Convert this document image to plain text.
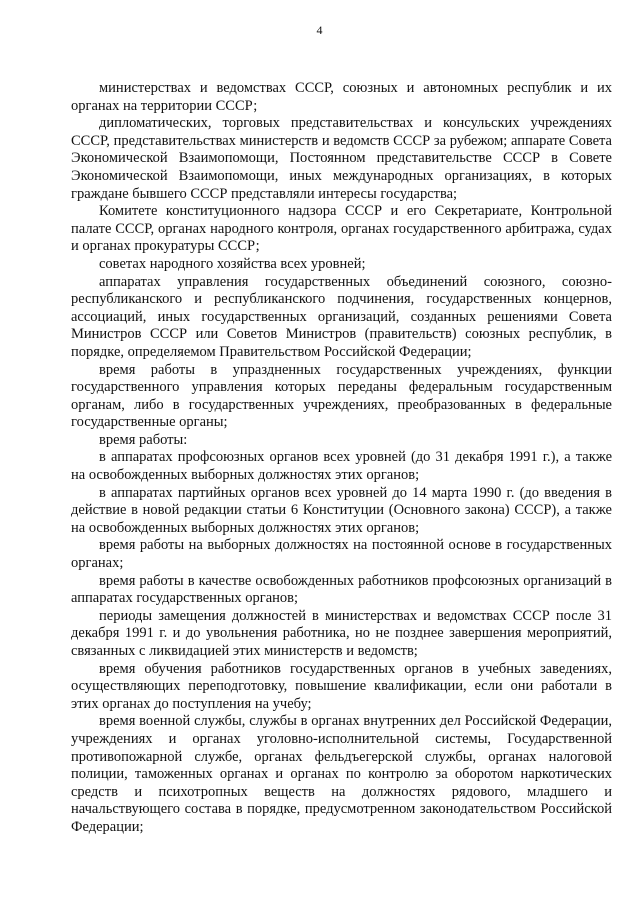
4

министерствах и ведомствах СССР, союзных и автономных республик и их органах на территории СССР;

дипломатических, торговых представительствах и консульских учреждениях СССР, представительствах министерств и ведомств СССР за рубежом; аппарате Совета Экономической Взаимопомощи, Постоянном представительстве СССР в Совете Экономической Взаимопомощи, иных международных организациях, в которых граждане бывшего СССР представляли интересы государства;

Комитете конституционного надзора СССР и его Секретариате, Контрольной палате СССР, органах народного контроля, органах государственного арбитража, судах и органах прокуратуры СССР;

советах народного хозяйства всех уровней;

аппаратах управления государственных объединений союзного, союзно-республиканского и республиканского подчинения, государственных концернов, ассоциаций, иных государственных организаций, созданных решениями Совета Министров СССР или Советов Министров (правительств) союзных республик, в порядке, определяемом Правительством Российской Федерации;

время работы в упраздненных государственных учреждениях, функции государственного управления которых переданы федеральным государственным органам, либо в государственных учреждениях, преобразованных в федеральные государственные органы;

время работы:

в аппаратах профсоюзных органов всех уровней (до 31 декабря 1991 г.), а также на освобожденных выборных должностях этих органов;

в аппаратах партийных органов всех уровней до 14 марта 1990 г. (до введения в действие в новой редакции статьи 6 Конституции (Основного закона) СССР), а также на освобожденных выборных должностях этих органов;

время работы на выборных должностях на постоянной основе в государственных органах;

время работы в качестве освобожденных работников профсоюзных организаций в аппаратах государственных органов;

периоды замещения должностей в министерствах и ведомствах СССР после 31 декабря 1991 г. и до увольнения работника, но не позднее завершения мероприятий, связанных с ликвидацией этих министерств и ведомств;

время обучения работников государственных органов в учебных заведениях, осуществляющих переподготовку, повышение квалификации, если они работали в этих органах до поступления на учебу;

время военной службы, службы в органах внутренних дел Российской Федерации, учреждениях и органах уголовно-исполнительной системы, Государственной противопожарной службе, органах фельдъегерской службы, органах налоговой полиции, таможенных органах и органах по контролю за оборотом наркотических средств и психотропных веществ на должностях рядового, младшего и начальствующего состава в порядке, предусмотренном законодательством Российской Федерации;
